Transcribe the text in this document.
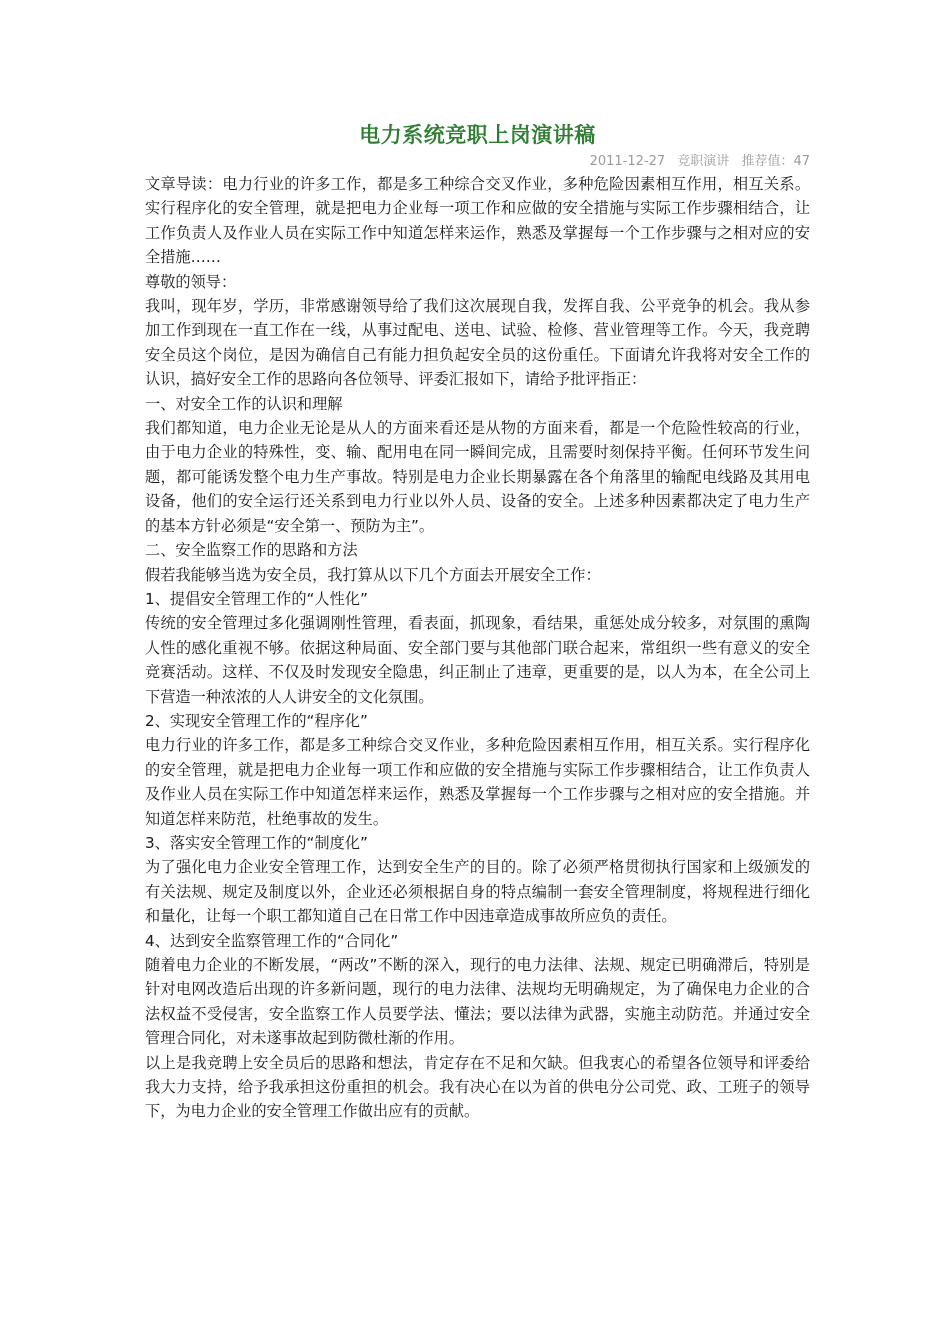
电力系统竞职上岗演讲稿
2011-12-27 竞职演讲 推荐值：47

文章导读：电力行业的许多工作，都是多工种综合交叉作业，多种危险因素相互作用，相互关系。实行程序化的安全管理，就是把电力企业每一项工作和应做的安全措施与实际工作步骤相结合，让工作负责人及作业人员在实际工作中知道怎样来运作，熟悉及掌握每一个工作步骤与之相对应的安全措施……

尊敬的领导：

我叫，现年岁，学历，非常感谢领导给了我们这次展现自我，发挥自我、公平竞争的机会。我从参加工作到现在一直工作在一线，从事过配电、送电、试验、检修、营业管理等工作。今天，我竞聘安全员这个岗位，是因为确信自己有能力担负起安全员的这份重任。下面请允许我将对安全工作的认识，搞好安全工作的思路向各位领导、评委汇报如下，请给予批评指正：

一、对安全工作的认识和理解

我们都知道，电力企业无论是从人的方面来看还是从物的方面来看，都是一个危险性较高的行业，由于电力企业的特殊性，变、输、配用电在同一瞬间完成，且需要时刻保持平衡。任何环节发生问题，都可能诱发整个电力生产事故。特别是电力企业长期暴露在各个角落里的输配电线路及其用电设备，他们的安全运行还关系到电力行业以外人员、设备的安全。上述多种因素都决定了电力生产的基本方针必须是“安全第一、预防为主”。

二、安全监察工作的思路和方法

假若我能够当选为安全员，我打算从以下几个方面去开展安全工作：

1、提倡安全管理工作的“人性化”

传统的安全管理过多化强调刚性管理，看表面，抓现象，看结果，重惩处成分较多，对氛围的熏陶人性的感化重视不够。依据这种局面、安全部门要与其他部门联合起来，常组织一些有意义的安全竞赛活动。这样、不仅及时发现安全隐患，纠正制止了违章，更重要的是，以人为本，在全公司上下营造一种浓浓的人人讲安全的文化氛围。

2、实现安全管理工作的“程序化”

电力行业的许多工作，都是多工种综合交叉作业，多种危险因素相互作用，相互关系。实行程序化的安全管理，就是把电力企业每一项工作和应做的安全措施与实际工作步骤相结合，让工作负责人及作业人员在实际工作中知道怎样来运作，熟悉及掌握每一个工作步骤与之相对应的安全措施。并知道怎样来防范，杜绝事故的发生。

3、落实安全管理工作的“制度化”

为了强化电力企业安全管理工作，达到安全生产的目的。除了必须严格贯彻执行国家和上级颁发的有关法规、规定及制度以外，企业还必须根据自身的特点编制一套安全管理制度，将规程进行细化和量化，让每一个职工都知道自己在日常工作中因违章造成事故所应负的责任。

4、达到安全监察管理工作的“合同化”

随着电力企业的不断发展，“两改”不断的深入，现行的电力法律、法规、规定已明确滞后，特别是针对电网改造后出现的许多新问题，现行的电力法律、法规均无明确规定，为了确保电力企业的合法权益不受侵害，安全监察工作人员要学法、懂法；要以法律为武器，实施主动防范。并通过安全管理合同化，对未遂事故起到防微杜渐的作用。

以上是我竞聘上安全员后的思路和想法，肯定存在不足和欠缺。但我衷心的希望各位领导和评委给我大力支持，给予我承担这份重担的机会。我有决心在以为首的供电分公司党、政、工班子的领导下，为电力企业的安全管理工作做出应有的贡献。
